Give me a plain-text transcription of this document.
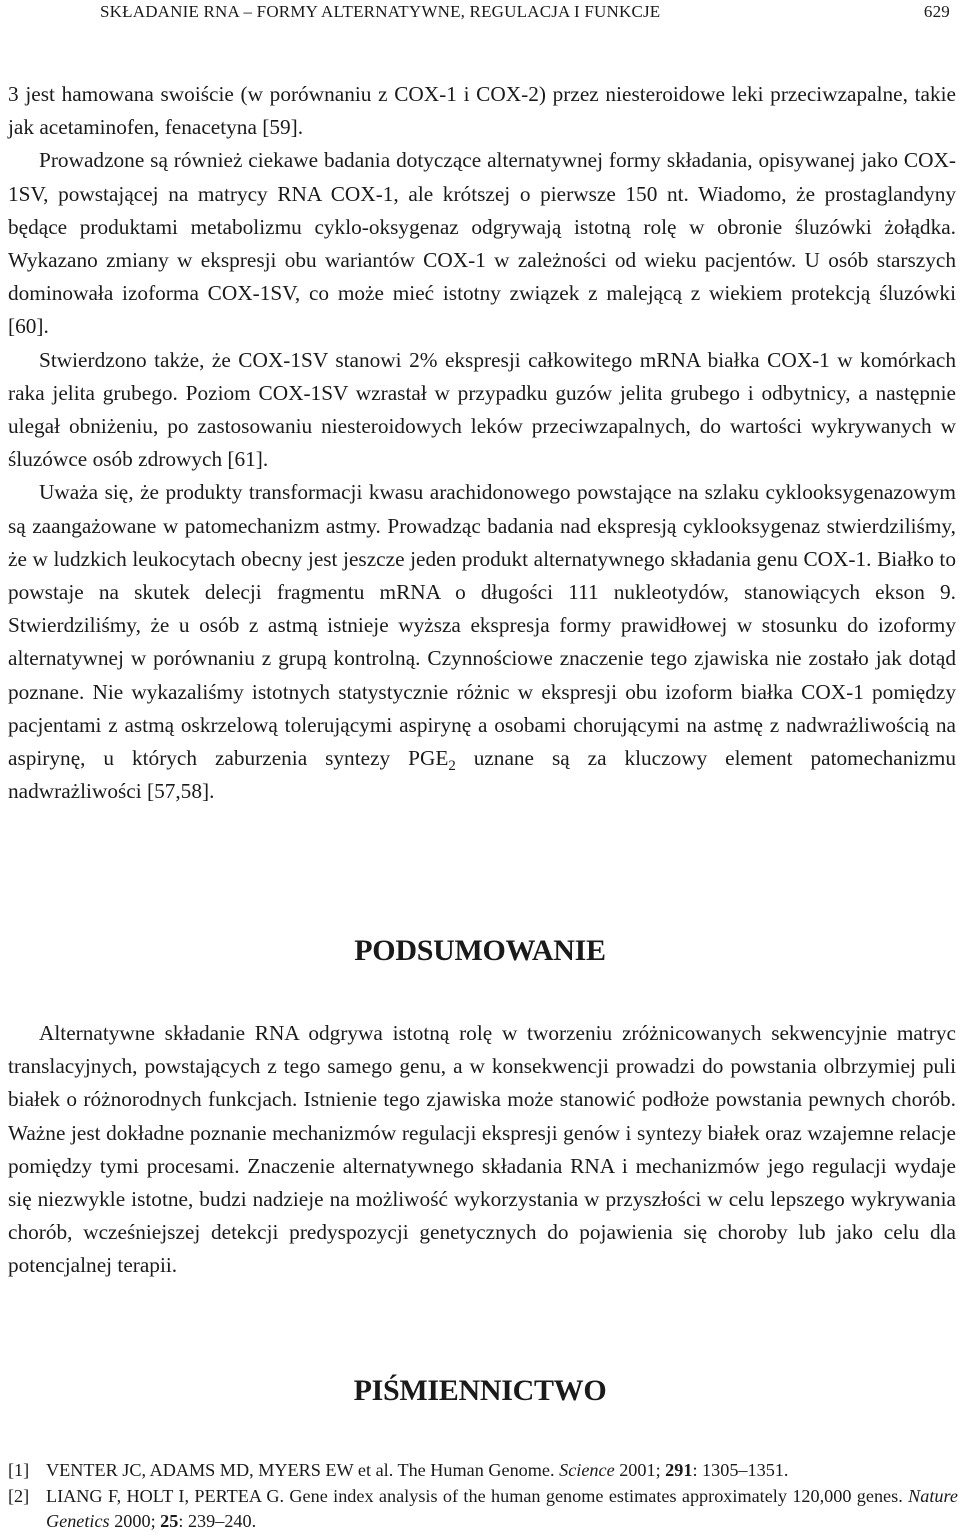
SKŁADANIE RNA – FORMY ALTERNATYWNE, REGULACJA I FUNKCJE	629

3 jest hamowana swoiście (w porównaniu z COX-1 i COX-2) przez niesteroidowe leki przeciwzapalne, takie jak acetaminofen, fenacetyna [59].

Prowadzone są również ciekawe badania dotyczące alternatywnej formy składania, opisywanej jako COX-1SV, powstającej na matrycy RNA COX-1, ale krótszej o pierwsze 150 nt. Wiadomo, że prostaglandyny będące produktami metabolizmu cyklo-oksygenaz odgrywają istotną rolę w obronie śluzówki żołądka. Wykazano zmiany w ekspresji obu wariantów COX-1 w zależności od wieku pacjentów. U osób starszych dominowała izoforma COX-1SV, co może mieć istotny związek z malejącą z wiekiem protekcją śluzówki [60].

Stwierdzono także, że COX-1SV stanowi 2% ekspresji całkowitego mRNA białka COX-1 w komórkach raka jelita grubego. Poziom COX-1SV wzrastał w przypadku guzów jelita grubego i odbytnicy, a następnie ulegał obniżeniu, po zastosowaniu niesteroidowych leków przeciwzapalnych, do wartości wykrywanych w śluzówce osób zdrowych [61].

Uważa się, że produkty transformacji kwasu arachidonowego powstające na szlaku cyklooksygenazowym są zaangażowane w patomechanizm astmy. Prowadząc badania nad ekspresją cyklooksygenaz stwierdziliśmy, że w ludzkich leukocytach obecny jest jeszcze jeden produkt alternatywnego składania genu COX-1. Białko to powstaje na skutek delecji fragmentu mRNA o długości 111 nukleotydów, stanowiących ekson 9. Stwierdziliśmy, że u osób z astmą istnieje wyższa ekspresja formy prawidłowej w stosunku do izoformy alternatywnej w porównaniu z grupą kontrolną. Czynnościowe znaczenie tego zjawiska nie zostało jak dotąd poznane. Nie wykazaliśmy istotnych statystycznie różnic w ekspresji obu izoform białka COX-1 pomiędzy pacjentami z astmą oskrzelową tolerującymi aspirynę a osobami chorującymi na astmę z nadwrażliwością na aspirynę, u których zaburzenia syntezy $PGE_2$ uznane są za kluczowy element patomechanizmu nadwrażliwości [57,58].

PODSUMOWANIE

Alternatywne składanie RNA odgrywa istotną rolę w tworzeniu zróżnicowanych sekwencyjnie matryc translacyjnych, powstających z tego samego genu, a w konsekwencji prowadzi do powstania olbrzymiej puli białek o różnorodnych funkcjach. Istnienie tego zjawiska może stanowić podłoże powstania pewnych chorób. Ważne jest dokładne poznanie mechanizmów regulacji ekspresji genów i syntezy białek oraz wzajemne relacje pomiędzy tymi procesami. Znaczenie alternatywnego składania RNA i mechanizmów jego regulacji wydaje się niezwykle istotne, budzi nadzieje na możliwość wykorzystania w przyszłości w celu lepszego wykrywania chorób, wcześniejszej detekcji predyspozycji genetycznych do pojawienia się choroby lub jako celu dla potencjalnej terapii.

PIŚMIENNICTWO
[1] VENTER JC, ADAMS MD, MYERS EW et al. The Human Genome. Science 2001; 291: 1305–1351.
[2] LIANG F, HOLT I, PERTEA G. Gene index analysis of the human genome estimates approximately 120,000 genes. Nature Genetics 2000; 25: 239–240.
